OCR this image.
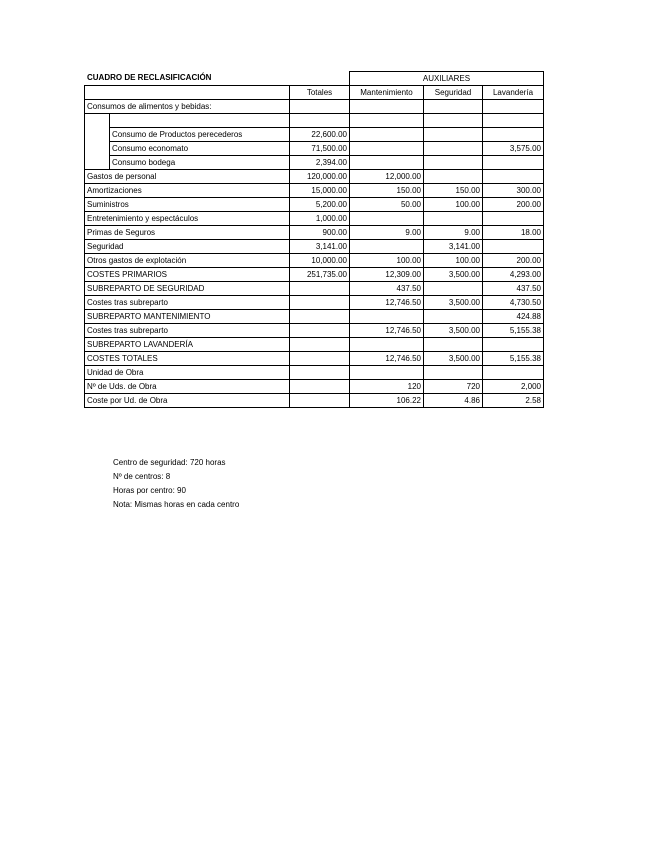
			AUXILIARES		
		Totales	Mantenimiento	Seguridad	Lavandería
Consumos de alimentos y bebidas:					

	Consumo de Productos perecederos	22,600.00			
	Consumo economato	71,500.00			3,575.00
	Consumo bodega	2,394.00			
Gastos de personal		120,000.00	12,000.00		
Amortizaciones		15,000.00	150.00	150.00	300.00
Suministros		5,200.00	50.00	100.00	200.00
Entretenimiento y espectáculos		1,000.00			
Primas de Seguros		900.00	9.00	9.00	18.00
Seguridad		3,141.00		3,141.00	
Otros gastos de explotación		10,000.00	100.00	100.00	200.00
COSTES PRIMARIOS		251,735.00	12,309.00	3,500.00	4,293.00
SUBREPARTO DE SEGURIDAD			437.50		437.50
Costes tras subreparto			12,746.50	3,500.00	4,730.50
SUBREPARTO MANTENIMIENTO					424.88
Costes tras subreparto			12,746.50	3,500.00	5,155.38
SUBREPARTO LAVANDERÍA					
COSTES TOTALES			12,746.50	3,500.00	5,155.38
Unidad de Obra					
Nº de Uds. de Obra			120	720	2,000
Coste por Ud. de Obra			106.22	4.86	2.58
CUADRO DE RECLASIFICACIÓN
Centro de seguridad: 720 horas
Nº de centros: 8
Horas por centro: 90
Nota: Mismas horas en cada centro
